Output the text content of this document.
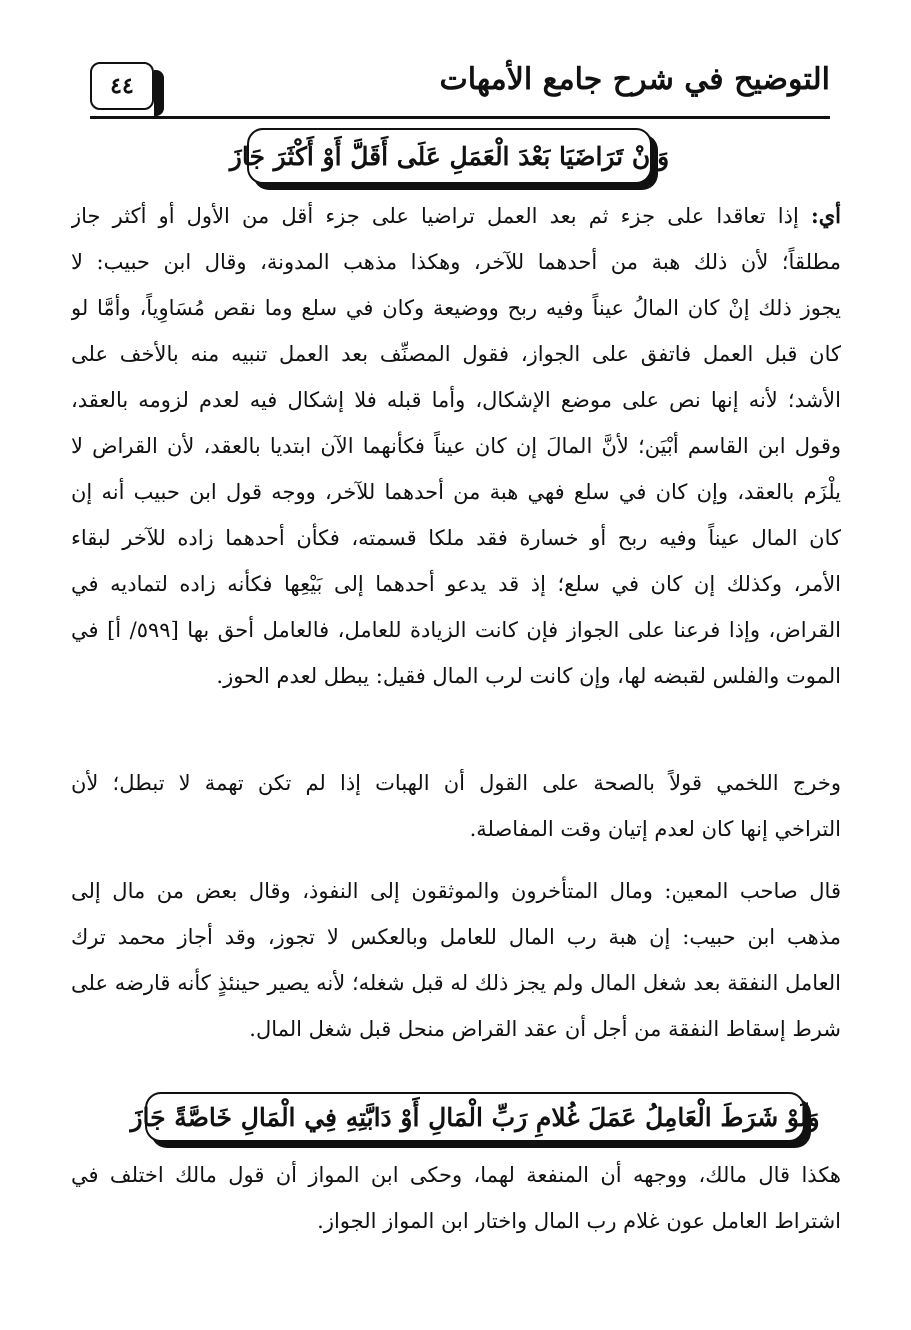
٤٤	التوضيح في شرح جامع الأمهات
وَإِنْ تَرَاضَيَا بَعْدَ الْعَمَلِ عَلَى أَقَلَّ أَوْ أَكْثَرَ جَازَ
أي: إذا تعاقدا على جزء ثم بعد العمل تراضيا على جزء أقل من الأول أو أكثر جاز
مطلقاً؛ لأن ذلك هبة من أحدهما للآخر، وهكذا مذهب المدونة، وقال ابن حبيب: لا
يجوز ذلك إنْ كان المالُ عيناً وفيه ربح ووضيعة وكان في سلع وما نقص مُسَاوِياً، وأمَّا لو
كان قبل العمل فاتفق على الجواز، فقول المصنِّف بعد العمل تنبيه منه بالأخف على
الأشد؛ لأنه إنها نص على موضع الإشكال، وأما قبله فلا إشكال فيه لعدم لزومه بالعقد،
وقول ابن القاسم أبْيَن؛ لأنَّ المالَ إن كان عيناً فكأنهما الآن ابتديا بالعقد، لأن القراض لا
يلْزَم بالعقد، وإن كان في سلع فهي هبة من أحدهما للآخر، ووجه قول ابن حبيب أنه إن
كان المال عيناً وفيه ربح أو خسارة فقد ملكا قسمته، فكأن أحدهما زاده للآخر لبقاء
الأمر، وكذلك إن كان في سلع؛ إذ قد يدعو أحدهما إلى بَيْعِها فكأنه زاده لتماديه في
القراض، وإذا فرعنا على الجواز فإن كانت الزيادة للعامل، فالعامل أحق بها [٥٩٩/ أ] في
الموت والفلس لقبضه لها، وإن كانت لرب المال فقيل: يبطل لعدم الحوز.
وخرج اللخمي قولاً بالصحة على القول أن الهبات إذا لم تكن تهمة لا تبطل؛ لأن
التراخي إنها كان لعدم إتيان وقت المفاصلة.
قال صاحب المعين: ومال المتأخرون والموثقون إلى النفوذ، وقال بعض من مال إلى
مذهب ابن حبيب: إن هبة رب المال للعامل وبالعكس لا تجوز، وقد أجاز محمد ترك
العامل النفقة بعد شغل المال ولم يجز ذلك له قبل شغله؛ لأنه يصير حينئذٍ كأنه قارضه على
شرط إسقاط النفقة من أجل أن عقد القراض منحل قبل شغل المال.
وَلَوْ شَرَطَ الْعَامِلُ عَمَلَ غُلامِ رَبِّ الْمَالِ أَوْ دَابَّتِهِ فِي الْمَالِ خَاصَّةً جَازَ
هكذا قال مالك، ووجهه أن المنفعة لهما، وحكى ابن المواز أن قول مالك اختلف في
اشتراط العامل عون غلام رب المال واختار ابن المواز الجواز.
